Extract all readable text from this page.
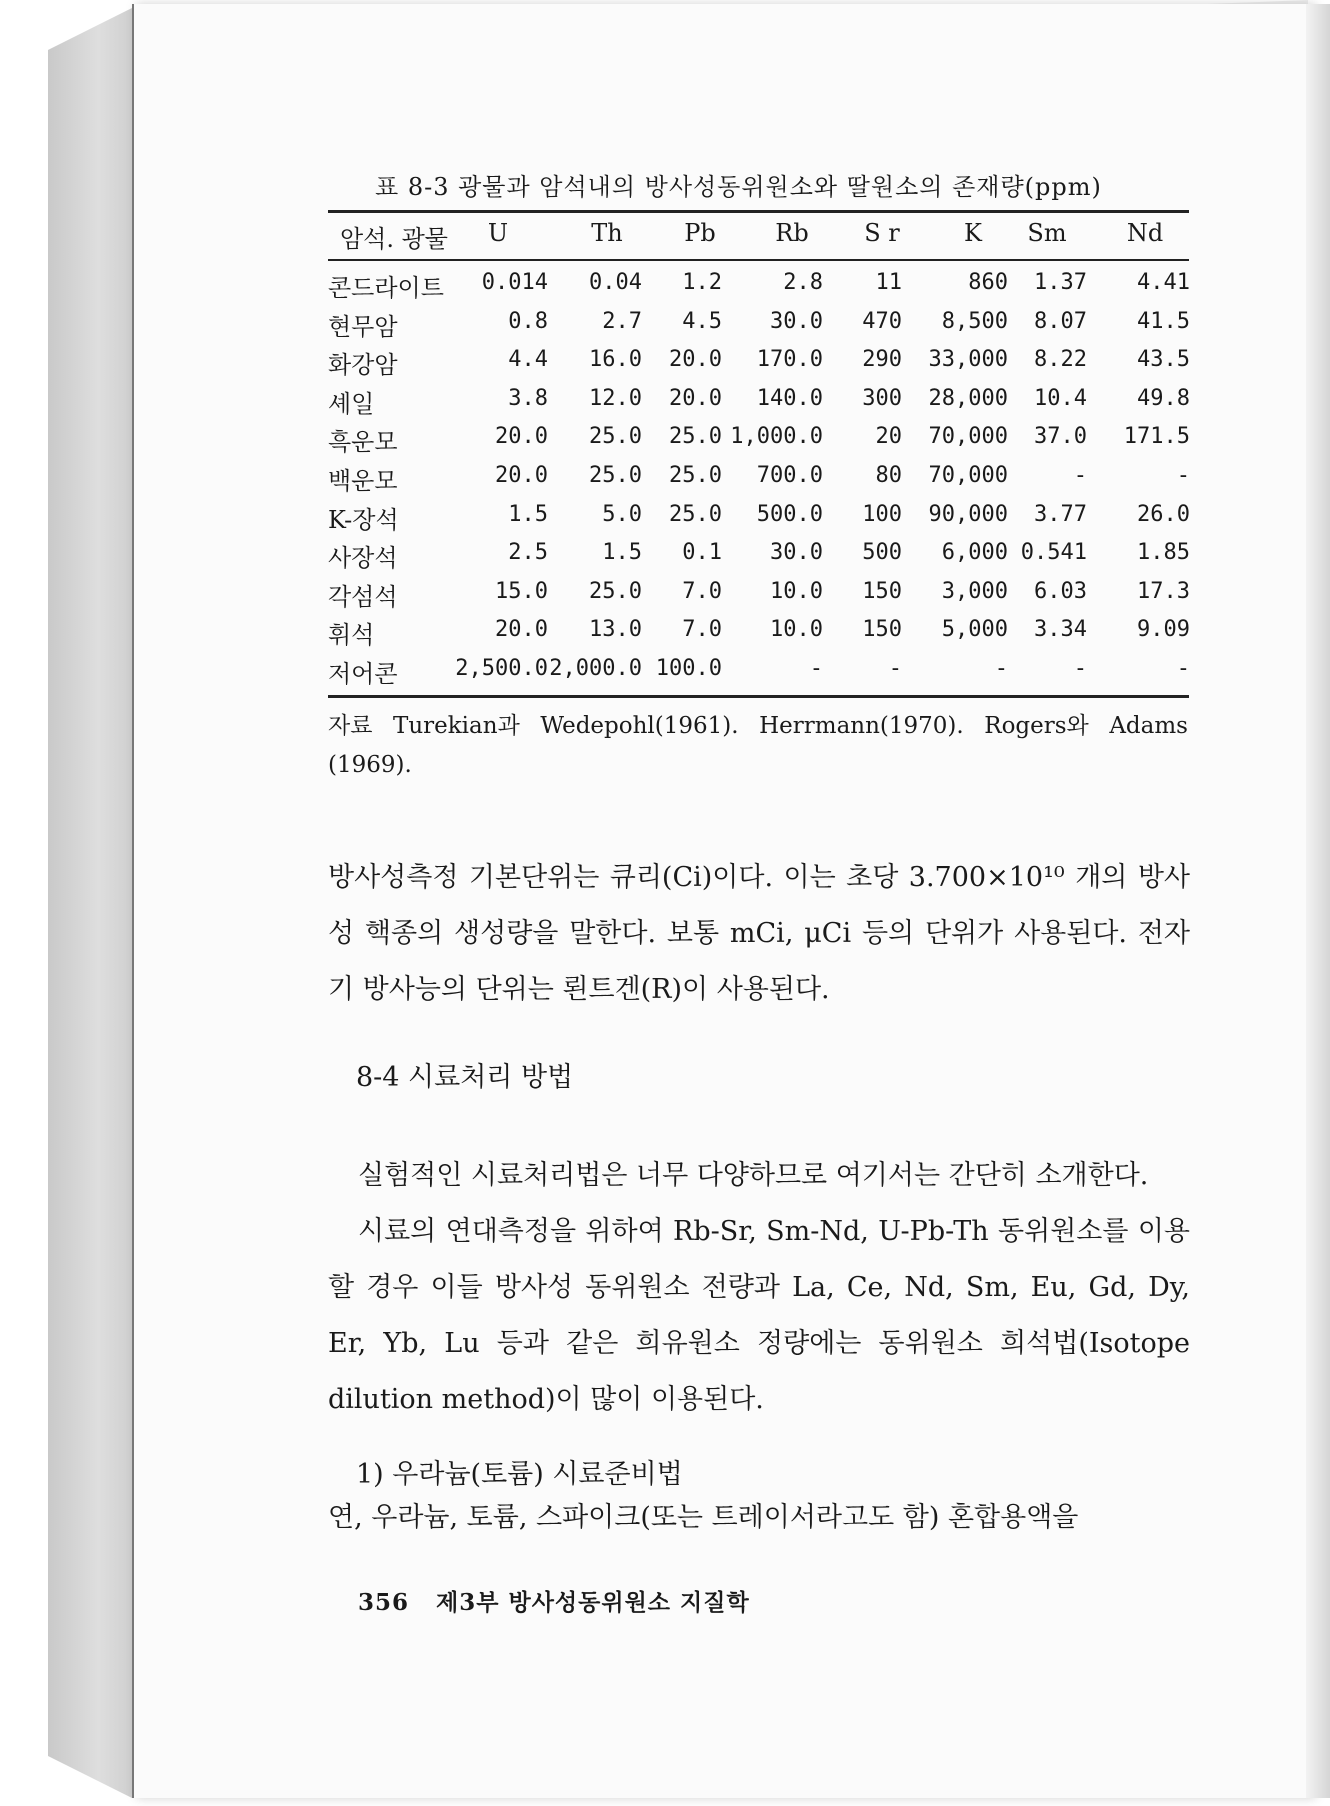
표 8-3 광물과 암석내의 방사성동위원소와 딸원소의 존재량(ppm)
암석. 광물	U	Th	Pb	Rb	S r	K	Sm	Nd
콘드라이트	0.014	0.04	1.2	2.8	11	860	1.37	4.41
현무암	0.8	2.7	4.5	30.0	470	8,500	8.07	41.5
화강암	4.4	16.0	20.0	170.0	290	33,000	8.22	43.5
셰일	3.8	12.0	20.0	140.0	300	28,000	10.4	49.8
흑운모	20.0	25.0	25.0 1,000.0	20	70,000	37.0	171.5
백운모	20.0	25.0	25.0	700.0	80	70,000	-	-
K-장석	1.5	5.0	25.0	500.0	100	90,000	3.77	26.0
사장석	2.5	1.5	0.1	30.0	500	6,000 0.541	1.85
각섬석	15.0	25.0	7.0	10.0	150	3,000	6.03	17.3
휘석	20.0	13.0	7.0	10.0	150	5,000	3.34	9.09
저어콘	2,500.0 2,000.0 100.0	-	-	-	-	-
자료 Turekian과 Wedepohl(1961). Herrmann(1970). Rogers와 Adams (1969).
방사성측정 기본단위는 큐리(Ci)이다. 이는 초당 3.700×10¹⁰ 개의 방사성 핵종의 생성량을 말한다. 보통 mCi, μCi 등의 단위가 사용된다. 전자기 방사능의 단위는 뢴트겐(R)이 사용된다.
8-4 시료처리 방법
실험적인 시료처리법은 너무 다양하므로 여기서는 간단히 소개한다.
시료의 연대측정을 위하여 Rb-Sr, Sm-Nd, U-Pb-Th 동위원소를 이용할 경우 이들 방사성 동위원소 전량과 La, Ce, Nd, Sm, Eu, Gd, Dy, Er, Yb, Lu 등과 같은 희유원소 정량에는 동위원소 희석법(Isotope dilution method)이 많이 이용된다.
1) 우라늄(토륨) 시료준비법
연, 우라늄, 토륨, 스파이크(또는 트레이서라고도 함) 혼합용액을
356 제3부 방사성동위원소 지질학
